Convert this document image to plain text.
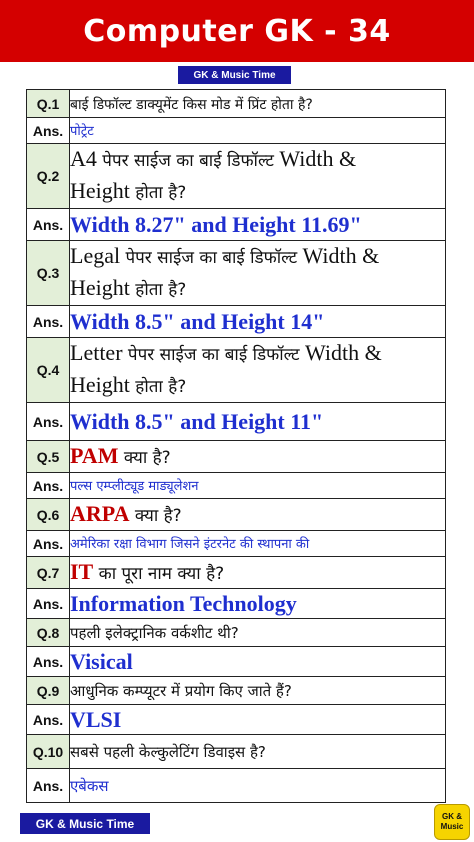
Computer GK - 34
GK & Music Time
Q.1	बाई डिफॉल्ट डाक्यूमेंट किस मोड में प्रिंट होता है?
Ans.	पोट्रेट
Q.2	A4 पेपर साईज का बाई डिफॉल्ट Width &
Height होता है?

Ans.	Width 8.27" and Height 11.69"
Q.3	Legal पेपर साईज का बाई डिफॉल्ट Width &
Height होता है?

Ans.	Width 8.5" and Height 14"
Q.4	Letter पेपर साईज का बाई डिफॉल्ट Width &
Height होता है?

Ans.	Width 8.5" and Height 11"
Q.5	PAM क्या है?

Ans.	पल्स एम्प्लीट्यूड माड्यूलेशन
Q.6	ARPA क्या है?

Ans.	अमेरिका रक्षा विभाग जिसने इंटरनेट की स्थापना की
Q.7	IT का पूरा नाम क्या है?

Ans.	Information Technology
Q.8	पहली इलेक्ट्रानिक वर्कशीट थी?
Ans.	Visical
Q.9	आधुनिक कम्प्यूटर में प्रयोग किए जाते हैं?
Ans.	VLSI
Q.10	सबसे पहली केल्कुलेटिंग डिवाइस है?
Ans.	एबेकस
GK & Music Time	GK &
Music
